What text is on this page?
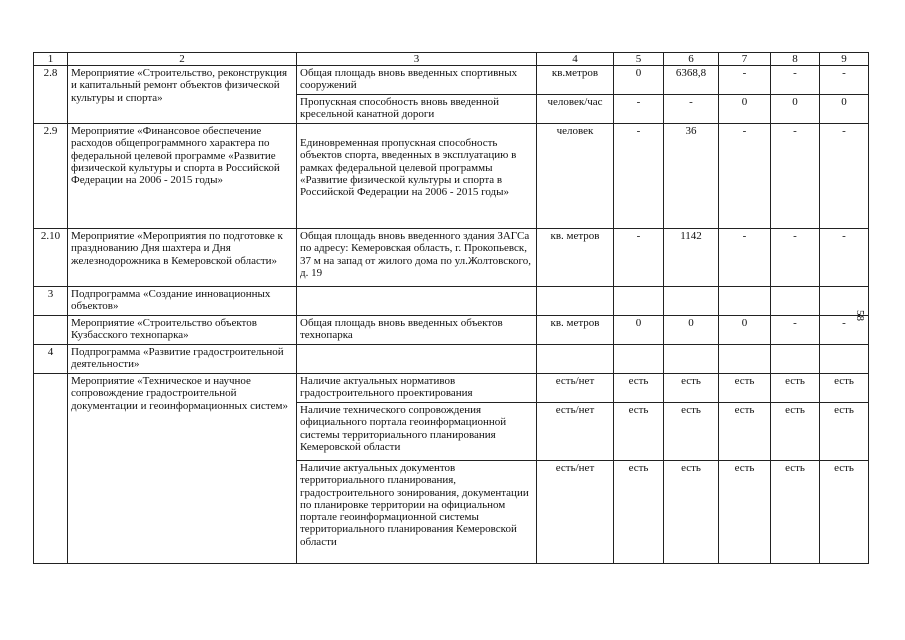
1	2	3	4	5	6	7	8	9
2.8	Мероприятие «Строительство, реконструкция и капитальный ремонт объектов физической культуры и спорта»	Общая площадь вновь введенных спортивных сооружений	кв.метров	0	6368,8	-	-	-
		Пропускная способность вновь введенной кресельной канатной дороги	человек/час	-	-	0	0	0
2.9	Мероприятие «Финансовое обеспечение расходов общепрограммного характера по федеральной целевой программе «Развитие физической культуры и спорта в Российской Федерации на 2006 - 2015 годы»	Единовременная пропускная способность объектов спорта, введенных в эксплуатацию в рамках федеральной целевой программы «Развитие физической культуры и спорта в Российской Федерации на 2006 - 2015 годы»	человек	-	36	-	-	-
2.10	Мероприятие «Мероприятия по подготовке к празднованию Дня шахтера и Дня железнодорожника в Кемеровской области»	Общая площадь вновь введенного здания ЗАГСа по адресу: Кемеровская область, г. Прокопьевск, 37 м на запад от жилого дома по ул.Жолтовского, д. 19	кв. метров	-	1142	-	-	-
3	Подпрограмма «Создание инновационных объектов»							
	Мероприятие «Строительство объектов Кузбасского технопарка»	Общая площадь вновь введенных объектов технопарка	кв. метров	0	0	0	-	-
4	Подпрограмма «Развитие градостроительной деятельности»							
	Мероприятие «Техническое и научное сопровождение градостроительной документации и геоинформационных систем»	Наличие актуальных нормативов градостроительного проектирования	есть/нет	есть	есть	есть	есть	есть
		Наличие технического сопровождения официального портала геоинформационной системы территориального планирования Кемеровской области	есть/нет	есть	есть	есть	есть	есть
		Наличие актуальных документов территориального планирования, градостроительного зонирования, документации по планировке территории на официальном портале геоинформационной системы территориального планирования Кемеровской области	есть/нет	есть	есть	есть	есть	есть
58
